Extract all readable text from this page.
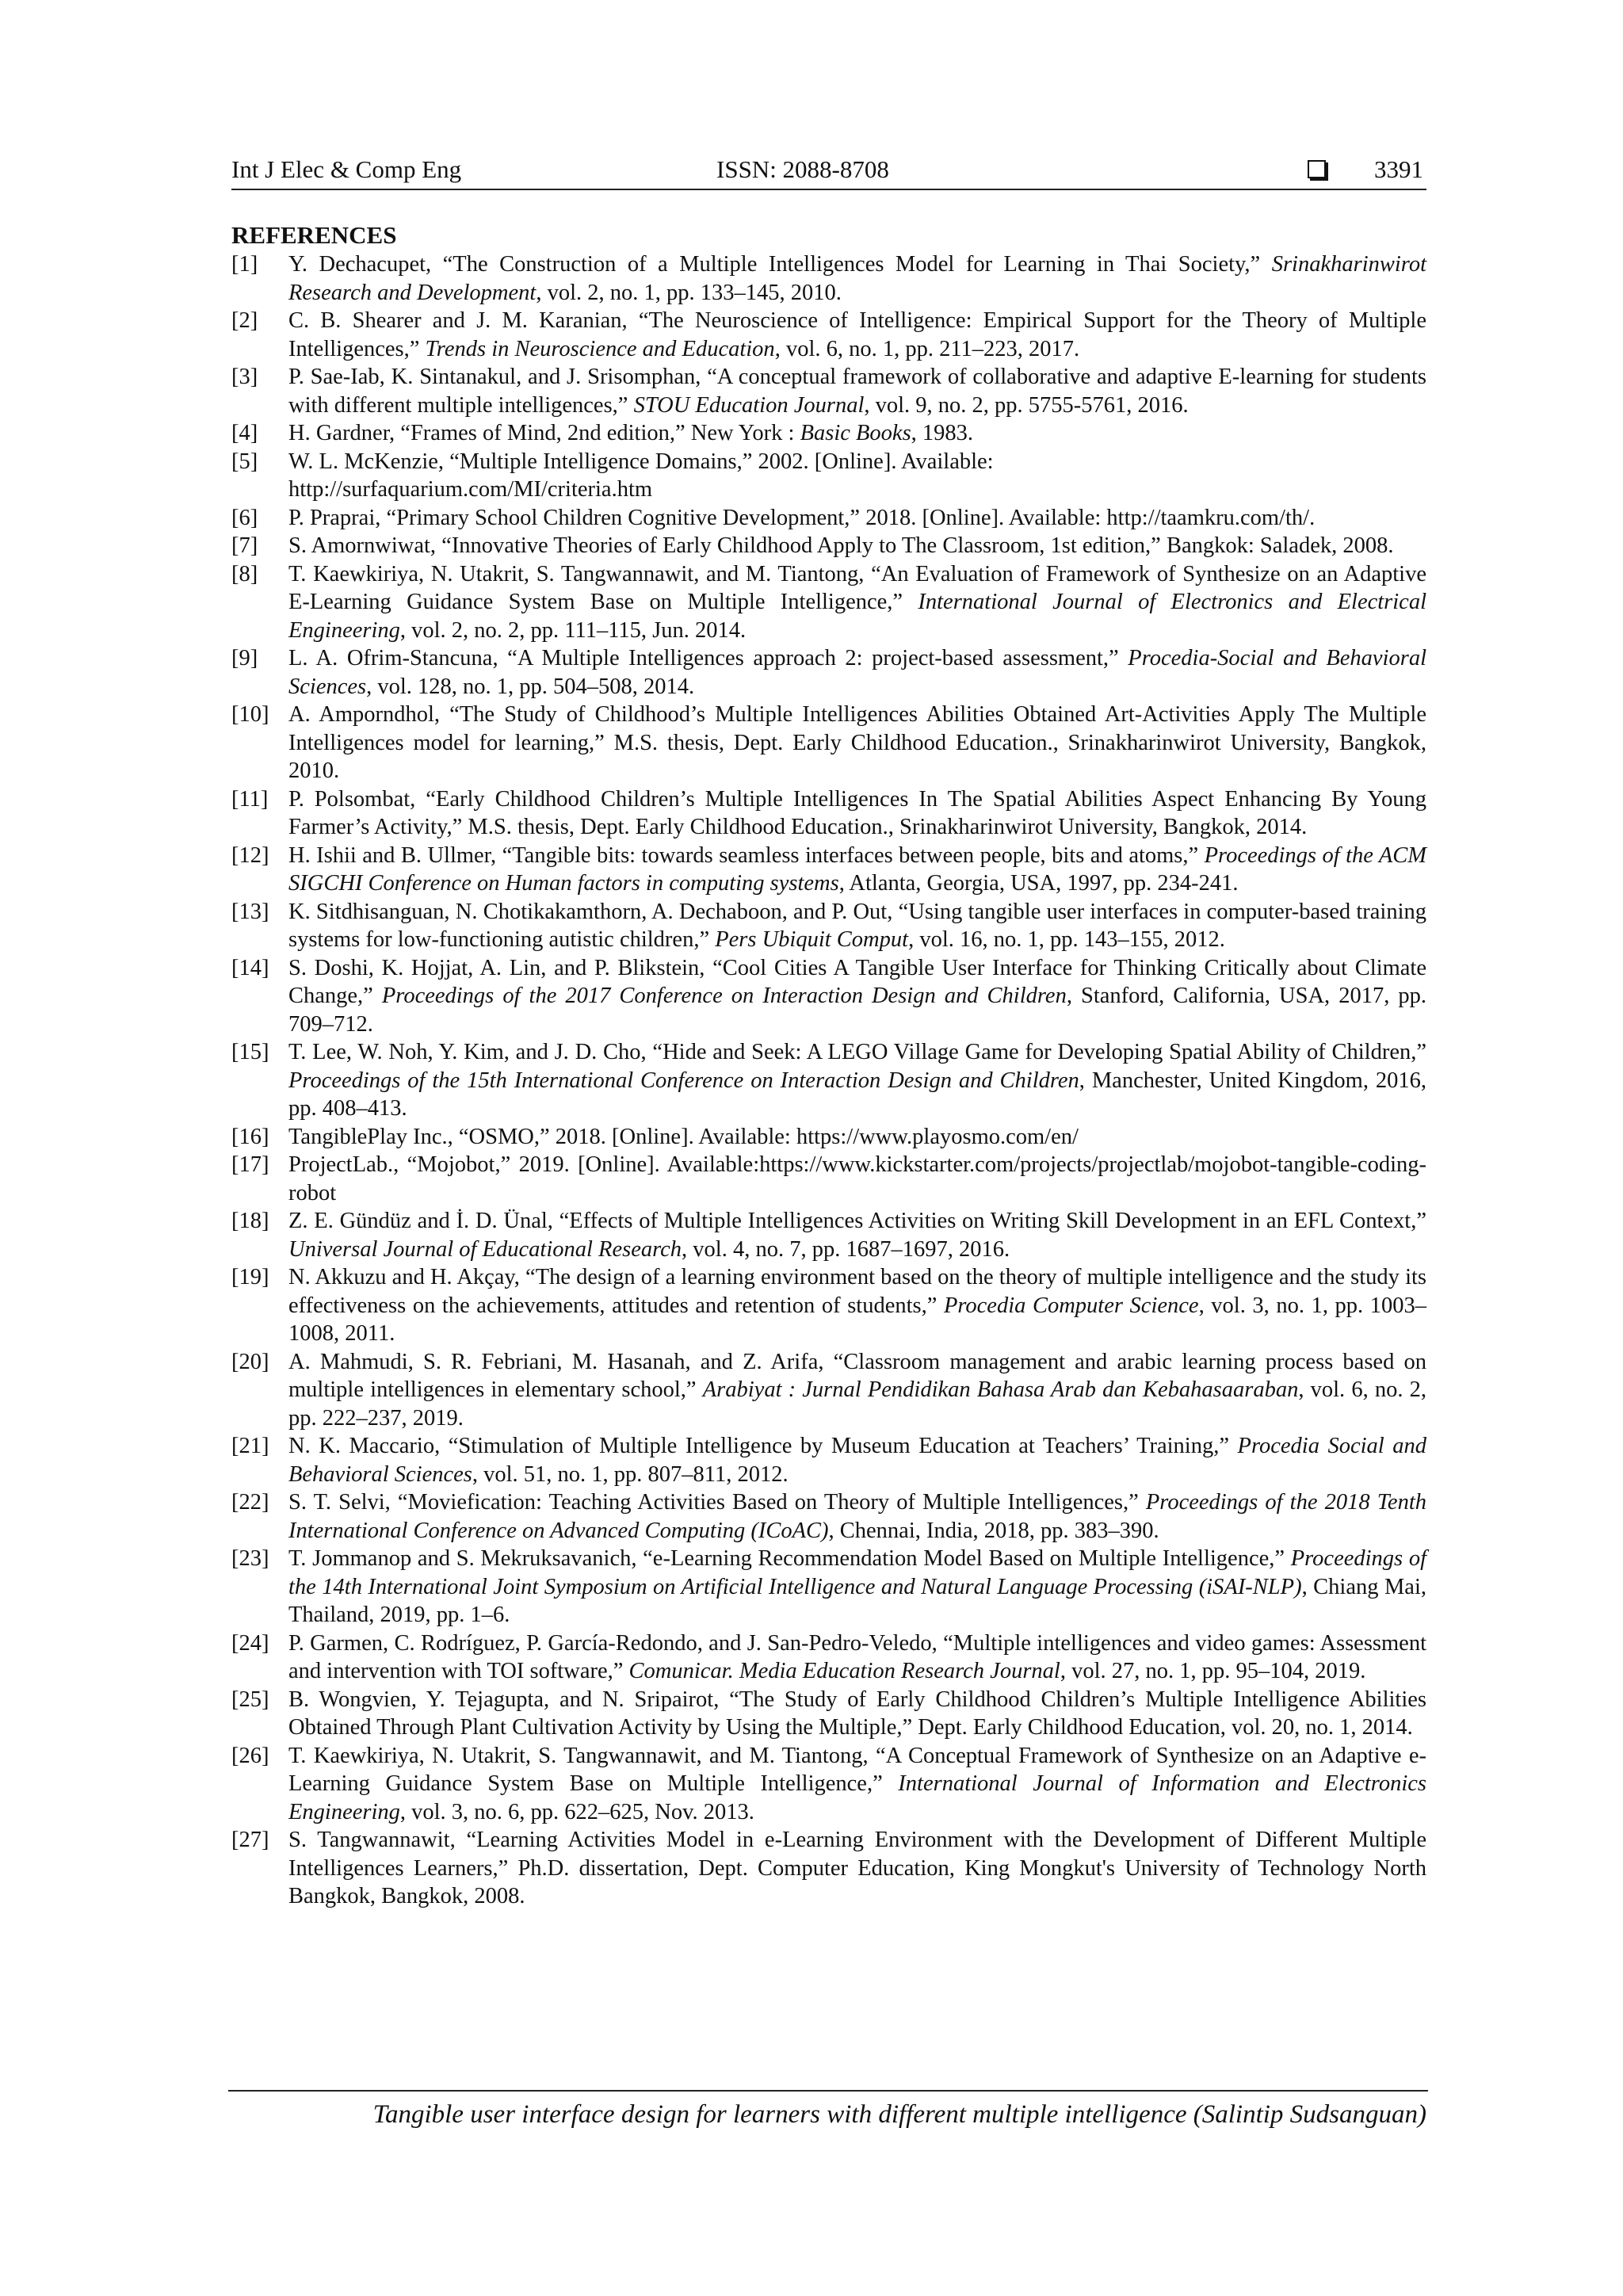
Int J Elec & Comp Eng	ISSN: 2088-8708	3391
REFERENCES
[1] Y. Dechacupet, “The Construction of a Multiple Intelligences Model for Learning in Thai Society,” Srinakharinwirot Research and Development, vol. 2, no. 1, pp. 133–145, 2010.
[2] C. B. Shearer and J. M. Karanian, “The Neuroscience of Intelligence: Empirical Support for the Theory of Multiple Intelligences,” Trends in Neuroscience and Education, vol. 6, no. 1, pp. 211–223, 2017.
[3] P. Sae-Iab, K. Sintanakul, and J. Srisomphan, “A conceptual framework of collaborative and adaptive E-learning for students with different multiple intelligences,” STOU Education Journal, vol. 9, no. 2, pp. 5755-5761, 2016.
[4] H. Gardner, “Frames of Mind, 2nd edition,” New York : Basic Books, 1983.
[5] W. L. McKenzie, “Multiple Intelligence Domains,” 2002. [Online]. Available:
http://surfaquarium.com/MI/criteria.htm
[6] P. Praprai, “Primary School Children Cognitive Development,” 2018. [Online]. Available: http://taamkru.com/th/.
[7] S. Amornwiwat, “Innovative Theories of Early Childhood Apply to The Classroom, 1st edition,” Bangkok: Saladek, 2008.
[8] T. Kaewkiriya, N. Utakrit, S. Tangwannawit, and M. Tiantong, “An Evaluation of Framework of Synthesize on an Adaptive E-Learning Guidance System Base on Multiple Intelligence,” International Journal of Electronics and Electrical Engineering, vol. 2, no. 2, pp. 111–115, Jun. 2014.
[9] L. A. Ofrim-Stancuna, “A Multiple Intelligences approach 2: project-based assessment,” Procedia-Social and Behavioral Sciences, vol. 128, no. 1, pp. 504–508, 2014.
[10] A. Amporndhol, “The Study of Childhood’s Multiple Intelligences Abilities Obtained Art-Activities Apply The Multiple Intelligences model for learning,” M.S. thesis, Dept. Early Childhood Education., Srinakharinwirot University, Bangkok, 2010.
[11] P. Polsombat, “Early Childhood Children’s Multiple Intelligences In The Spatial Abilities Aspect Enhancing By Young Farmer’s Activity,” M.S. thesis, Dept. Early Childhood Education., Srinakharinwirot University, Bangkok, 2014.
[12] H. Ishii and B. Ullmer, “Tangible bits: towards seamless interfaces between people, bits and atoms,” Proceedings of the ACM SIGCHI Conference on Human factors in computing systems, Atlanta, Georgia, USA, 1997, pp. 234-241.
[13] K. Sitdhisanguan, N. Chotikakamthorn, A. Dechaboon, and P. Out, “Using tangible user interfaces in computer-based training systems for low-functioning autistic children,” Pers Ubiquit Comput, vol. 16, no. 1, pp. 143–155, 2012.
[14] S. Doshi, K. Hojjat, A. Lin, and P. Blikstein, “Cool Cities A Tangible User Interface for Thinking Critically about Climate Change,” Proceedings of the 2017 Conference on Interaction Design and Children, Stanford, California, USA, 2017, pp. 709–712.
[15] T. Lee, W. Noh, Y. Kim, and J. D. Cho, “Hide and Seek: A LEGO Village Game for Developing Spatial Ability of Children,” Proceedings of the 15th International Conference on Interaction Design and Children, Manchester, United Kingdom, 2016, pp. 408–413.
[16] TangiblePlay Inc., “OSMO,” 2018. [Online]. Available: https://www.playosmo.com/en/
[17] ProjectLab., “Mojobot,” 2019. [Online]. Available:https://www.kickstarter.com/projects/projectlab/mojobot-tangible-coding-robot
[18] Z. E. Gündüz and İ. D. Ünal, “Effects of Multiple Intelligences Activities on Writing Skill Development in an EFL Context,” Universal Journal of Educational Research, vol. 4, no. 7, pp. 1687–1697, 2016.
[19] N. Akkuzu and H. Akçay, “The design of a learning environment based on the theory of multiple intelligence and the study its effectiveness on the achievements, attitudes and retention of students,” Procedia Computer Science, vol. 3, no. 1, pp. 1003–1008, 2011.
[20] A. Mahmudi, S. R. Febriani, M. Hasanah, and Z. Arifa, “Classroom management and arabic learning process based on multiple intelligences in elementary school,” Arabiyat : Jurnal Pendidikan Bahasa Arab dan Kebahasaaraban, vol. 6, no. 2, pp. 222–237, 2019.
[21] N. K. Maccario, “Stimulation of Multiple Intelligence by Museum Education at Teachers’ Training,” Procedia Social and Behavioral Sciences, vol. 51, no. 1, pp. 807–811, 2012.
[22] S. T. Selvi, “Moviefication: Teaching Activities Based on Theory of Multiple Intelligences,” Proceedings of the 2018 Tenth International Conference on Advanced Computing (ICoAC), Chennai, India, 2018, pp. 383–390.
[23] T. Jommanop and S. Mekruksavanich, “e-Learning Recommendation Model Based on Multiple Intelligence,” Proceedings of the 14th International Joint Symposium on Artificial Intelligence and Natural Language Processing (iSAI-NLP), Chiang Mai, Thailand, 2019, pp. 1–6.
[24] P. Garmen, C. Rodríguez, P. García-Redondo, and J. San-Pedro-Veledo, “Multiple intelligences and video games: Assessment and intervention with TOI software,” Comunicar. Media Education Research Journal, vol. 27, no. 1, pp. 95–104, 2019.
[25] B. Wongvien, Y. Tejagupta, and N. Sripairot, “The Study of Early Childhood Children’s Multiple Intelligence Abilities Obtained Through Plant Cultivation Activity by Using the Multiple,” Dept. Early Childhood Education, vol. 20, no. 1, 2014.
[26] T. Kaewkiriya, N. Utakrit, S. Tangwannawit, and M. Tiantong, “A Conceptual Framework of Synthesize on an Adaptive e-Learning Guidance System Base on Multiple Intelligence,” International Journal of Information and Electronics Engineering, vol. 3, no. 6, pp. 622–625, Nov. 2013.
[27] S. Tangwannawit, “Learning Activities Model in e-Learning Environment with the Development of Different Multiple Intelligences Learners,” Ph.D. dissertation, Dept. Computer Education, King Mongkut's University of Technology North Bangkok, Bangkok, 2008.
Tangible user interface design for learners with different multiple intelligence (Salintip Sudsanguan)
